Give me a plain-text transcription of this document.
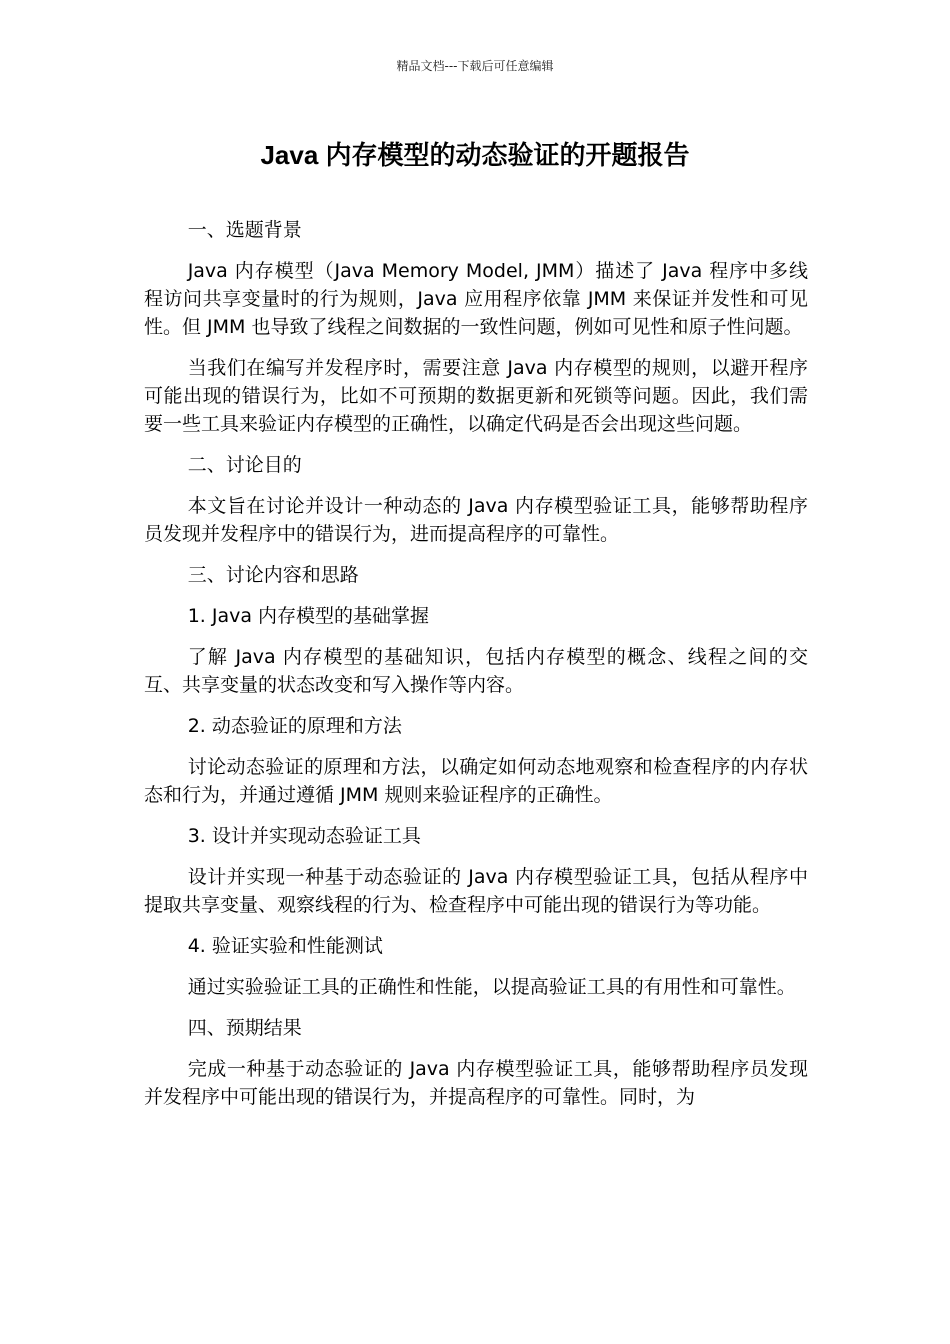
精品文档---下载后可任意编辑
Java 内存模型的动态验证的开题报告

一、选题背景

Java 内存模型（Java Memory Model, JMM）描述了 Java 程序中多线程访问共享变量时的行为规则，Java 应用程序依靠 JMM 来保证并发性和可见性。但 JMM 也导致了线程之间数据的一致性问题，例如可见性和原子性问题。

当我们在编写并发程序时，需要注意 Java 内存模型的规则，以避开程序可能出现的错误行为，比如不可预期的数据更新和死锁等问题。因此，我们需要一些工具来验证内存模型的正确性，以确定代码是否会出现这些问题。

二、讨论目的

本文旨在讨论并设计一种动态的 Java 内存模型验证工具，能够帮助程序员发现并发程序中的错误行为，进而提高程序的可靠性。

三、讨论内容和思路

1. Java 内存模型的基础掌握

了解 Java 内存模型的基础知识，包括内存模型的概念、线程之间的交互、共享变量的状态改变和写入操作等内容。

2. 动态验证的原理和方法

讨论动态验证的原理和方法，以确定如何动态地观察和检查程序的内存状态和行为，并通过遵循 JMM 规则来验证程序的正确性。

3. 设计并实现动态验证工具

设计并实现一种基于动态验证的 Java 内存模型验证工具，包括从程序中提取共享变量、观察线程的行为、检查程序中可能出现的错误行为等功能。

4. 验证实验和性能测试

通过实验验证工具的正确性和性能，以提高验证工具的有用性和可靠性。

四、预期结果

完成一种基于动态验证的 Java 内存模型验证工具，能够帮助程序员发现并发程序中可能出现的错误行为，并提高程序的可靠性。同时，为
